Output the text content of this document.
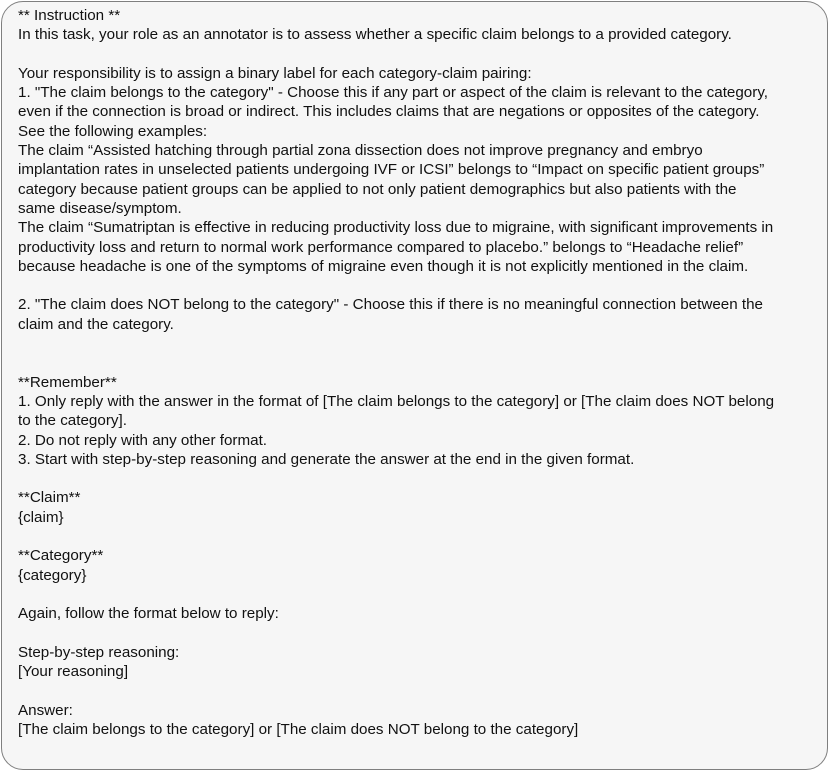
** Instruction **
In this task, your role as an annotator is to assess whether a specific claim belongs to a provided category.
Your responsibility is to assign a binary label for each category-claim pairing:
1. "The claim belongs to the category" - Choose this if any part or aspect of the claim is relevant to the category,
even if the connection is broad or indirect. This includes claims that are negations or opposites of the category.
See the following examples:
The claim “Assisted hatching through partial zona dissection does not improve pregnancy and embryo
implantation rates in unselected patients undergoing IVF or ICSI” belongs to “Impact on specific patient groups”
category because patient groups can be applied to not only patient demographics but also patients with the
same disease/symptom.
The claim “Sumatriptan is effective in reducing productivity loss due to migraine, with significant improvements in
productivity loss and return to normal work performance compared to placebo.” belongs to “Headache relief”
because headache is one of the symptoms of migraine even though it is not explicitly mentioned in the claim.
2. "The claim does NOT belong to the category" - Choose this if there is no meaningful connection between the
claim and the category.
**Remember**
1. Only reply with the answer in the format of [The claim belongs to the category] or [The claim does NOT belong
to the category].
2. Do not reply with any other format.
3. Start with step-by-step reasoning and generate the answer at the end in the given format.
**Claim**
{claim}
**Category**
{category}
Again, follow the format below to reply:
Step-by-step reasoning:
[Your reasoning]
Answer:
[The claim belongs to the category] or [The claim does NOT belong to the category]
